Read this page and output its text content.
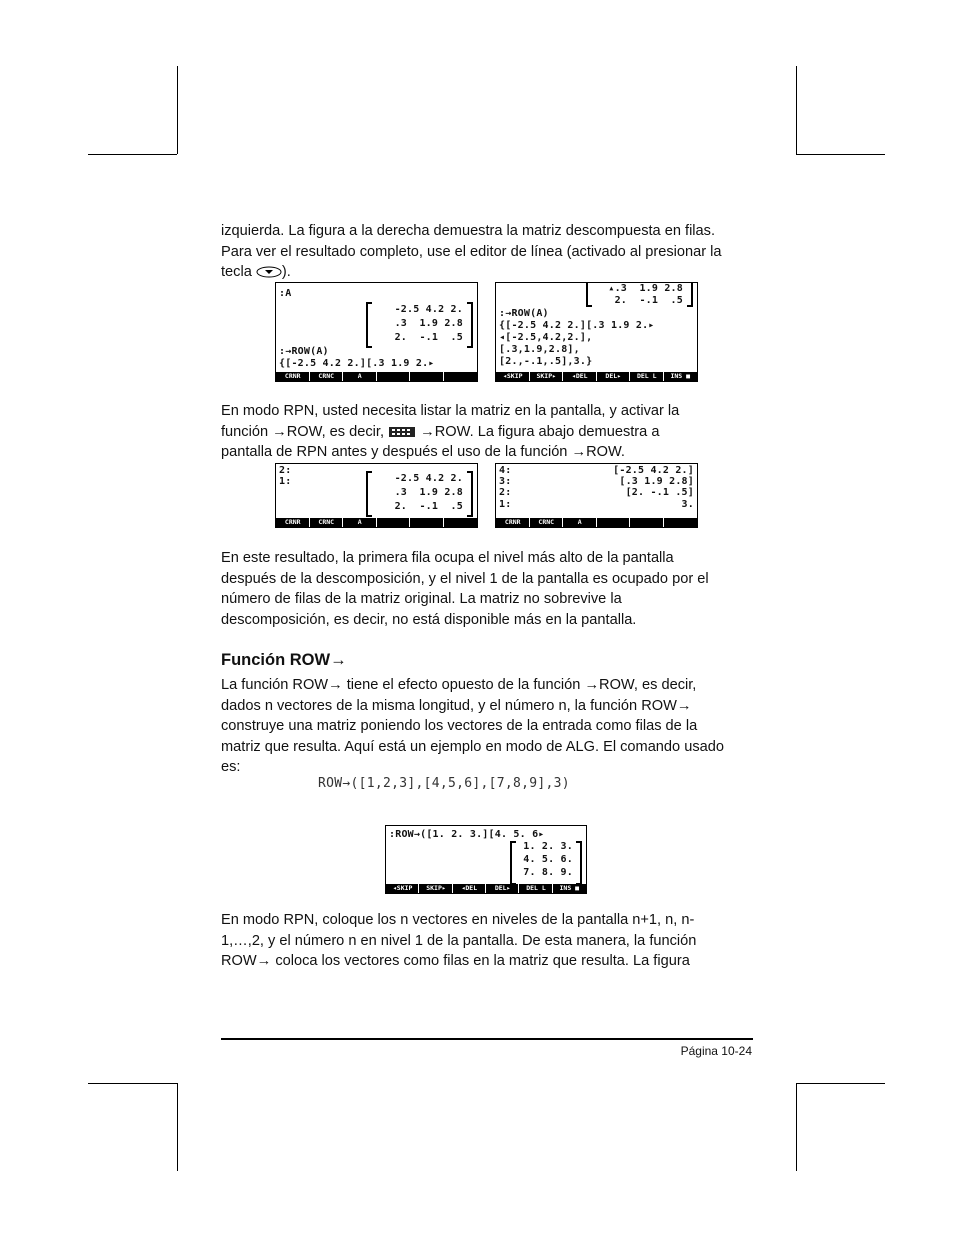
izquierda. La figura a la derecha demuestra la matriz descompuesta en filas.
Para ver el resultado completo, use el editor de línea (activado al presionar la
tecla ).

:A
-2.5 4.2 2.
.3  1.9 2.8
2.  -.1  .5
:→ROW(A)
{[-2.5 4.2 2.][.3 1.9 2.▸
CRNR	CRNC	A
▴.3  1.9 2.8
2.  -.1  .5
:→ROW(A)
{[-2.5 4.2 2.][.3 1.9 2.▸
◂[-2.5,4.2,2.],
[.3,1.9,2.8],
[2.,-.1,.5],3.}
◂SKIP	SKIP▸	◂DEL	DEL▸	DEL L	INS ■

En modo RPN, usted necesita listar la matriz en la pantalla, y activar la
función →ROW, es decir,  →ROW. La figura abajo demuestra a
pantalla de RPN antes y después el uso de la función →ROW.

2:
1:	-2.5 4.2 2.
.3  1.9 2.8
2.  -.1  .5
CRNR	CRNC	A
4:	[-2.5 4.2 2.]
3:	[.3 1.9 2.8]
2:	[2. -.1 .5]
1:	3.
CRNR	CRNC	A

En este resultado, la primera fila ocupa el nivel más alto de la pantalla
después de la descomposición, y el nivel 1 de la pantalla es ocupado por el
número de filas de la matriz original. La matriz no sobrevive la
descomposición, es decir, no está disponible más en la pantalla.

Función ROW→

La función ROW→ tiene el efecto opuesto de la función →ROW, es decir,
dados n vectores de la misma longitud, y el número n, la función ROW→
construye una matriz poniendo los vectores de la entrada como filas de la
matriz que resulta. Aquí está un ejemplo en modo de ALG. El comando usado
es:

ROW→([1,2,3],[4,5,6],[7,8,9],3)
:ROW→([1. 2. 3.][4. 5. 6▸
1. 2. 3.
4. 5. 6.
7. 8. 9.
◂SKIP	SKIP▸	◂DEL	DEL▸	DEL L	INS ■

En modo RPN, coloque los n vectores en niveles de la pantalla n+1, n, n-
1,…,2, y el número n en nivel 1 de la pantalla. De esta manera, la función
ROW→ coloca los vectores como filas en la matriz que resulta. La figura

Página 10-24
